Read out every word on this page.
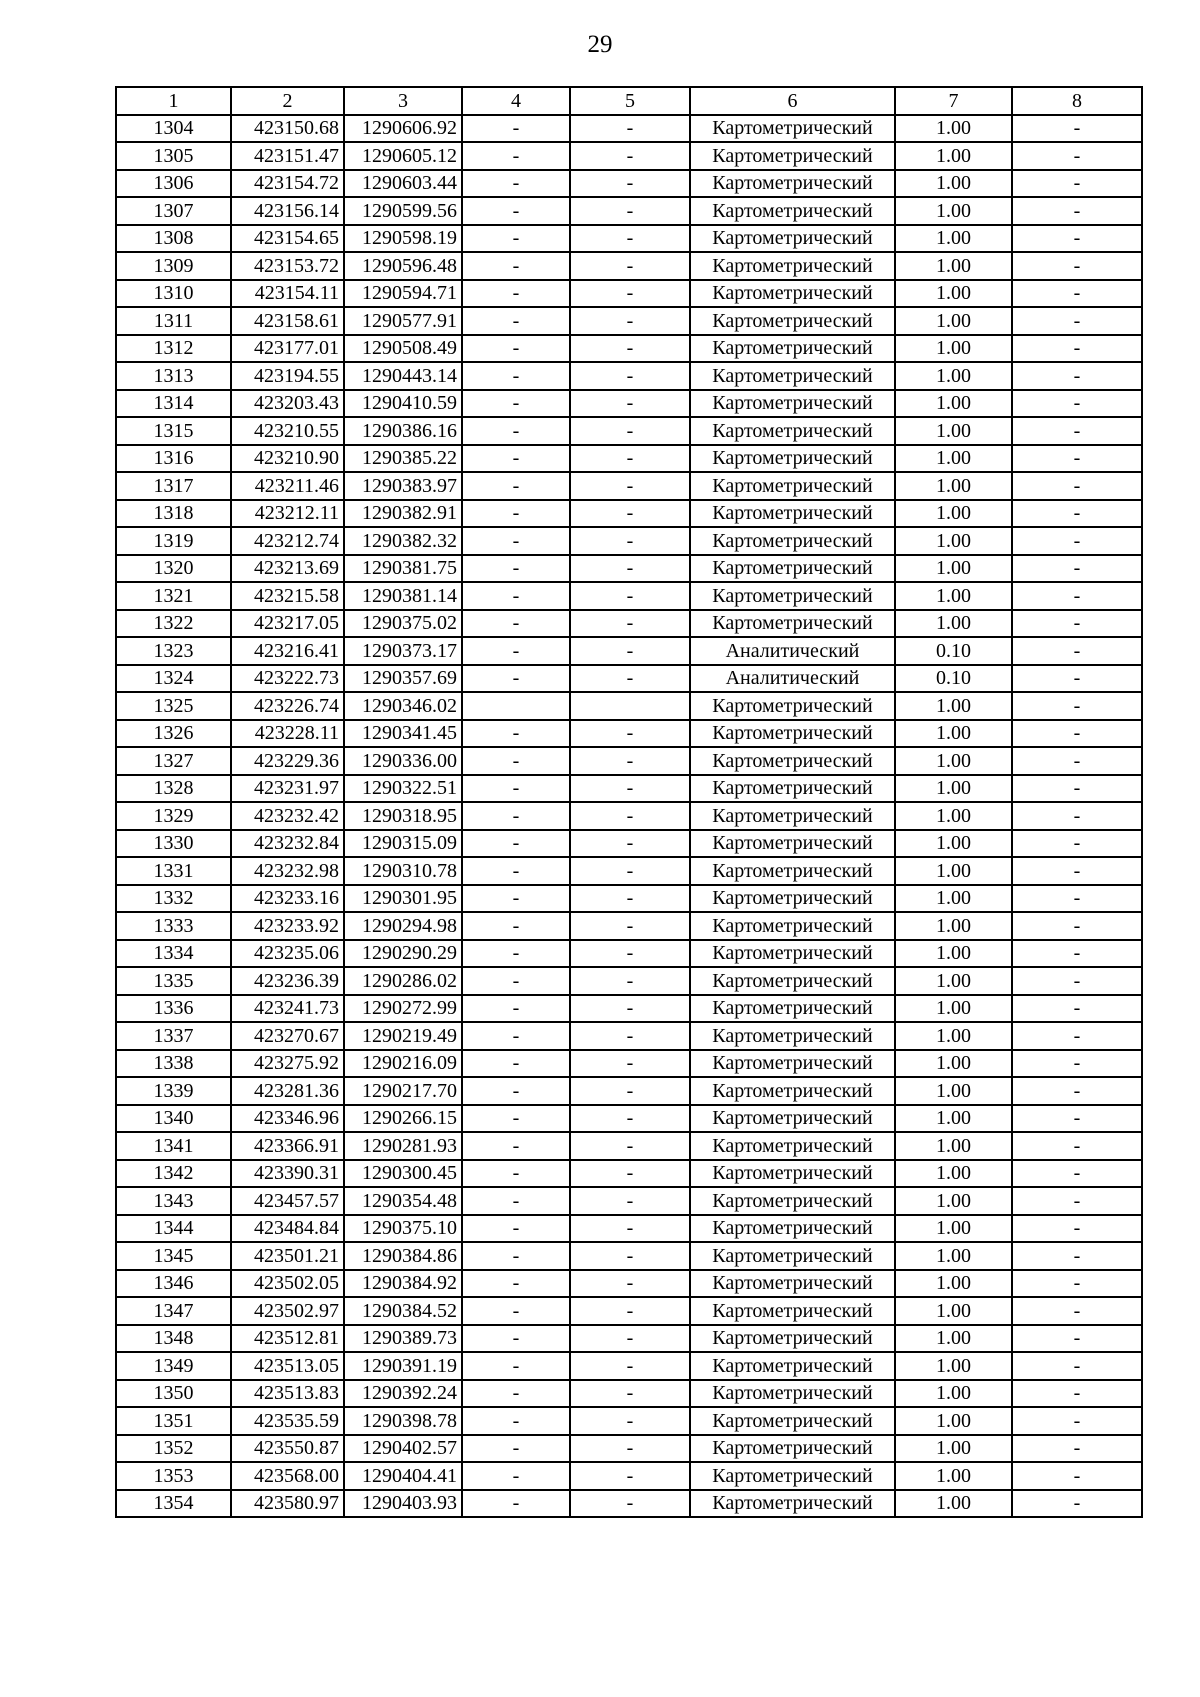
29
1	2	3	4	5	6	7	8
1304	423150.68	1290606.92	-	-	Картометрический	1.00	-
1305	423151.47	1290605.12	-	-	Картометрический	1.00	-
1306	423154.72	1290603.44	-	-	Картометрический	1.00	-
1307	423156.14	1290599.56	-	-	Картометрический	1.00	-
1308	423154.65	1290598.19	-	-	Картометрический	1.00	-
1309	423153.72	1290596.48	-	-	Картометрический	1.00	-
1310	423154.11	1290594.71	-	-	Картометрический	1.00	-
1311	423158.61	1290577.91	-	-	Картометрический	1.00	-
1312	423177.01	1290508.49	-	-	Картометрический	1.00	-
1313	423194.55	1290443.14	-	-	Картометрический	1.00	-
1314	423203.43	1290410.59	-	-	Картометрический	1.00	-
1315	423210.55	1290386.16	-	-	Картометрический	1.00	-
1316	423210.90	1290385.22	-	-	Картометрический	1.00	-
1317	423211.46	1290383.97	-	-	Картометрический	1.00	-
1318	423212.11	1290382.91	-	-	Картометрический	1.00	-
1319	423212.74	1290382.32	-	-	Картометрический	1.00	-
1320	423213.69	1290381.75	-	-	Картометрический	1.00	-
1321	423215.58	1290381.14	-	-	Картометрический	1.00	-
1322	423217.05	1290375.02	-	-	Картометрический	1.00	-
1323	423216.41	1290373.17	-	-	Аналитический	0.10	-
1324	423222.73	1290357.69	-	-	Аналитический	0.10	-
1325	423226.74	1290346.02			Картометрический	1.00	-
1326	423228.11	1290341.45	-	-	Картометрический	1.00	-
1327	423229.36	1290336.00	-	-	Картометрический	1.00	-
1328	423231.97	1290322.51	-	-	Картометрический	1.00	-
1329	423232.42	1290318.95	-	-	Картометрический	1.00	-
1330	423232.84	1290315.09	-	-	Картометрический	1.00	-
1331	423232.98	1290310.78	-	-	Картометрический	1.00	-
1332	423233.16	1290301.95	-	-	Картометрический	1.00	-
1333	423233.92	1290294.98	-	-	Картометрический	1.00	-
1334	423235.06	1290290.29	-	-	Картометрический	1.00	-
1335	423236.39	1290286.02	-	-	Картометрический	1.00	-
1336	423241.73	1290272.99	-	-	Картометрический	1.00	-
1337	423270.67	1290219.49	-	-	Картометрический	1.00	-
1338	423275.92	1290216.09	-	-	Картометрический	1.00	-
1339	423281.36	1290217.70	-	-	Картометрический	1.00	-
1340	423346.96	1290266.15	-	-	Картометрический	1.00	-
1341	423366.91	1290281.93	-	-	Картометрический	1.00	-
1342	423390.31	1290300.45	-	-	Картометрический	1.00	-
1343	423457.57	1290354.48	-	-	Картометрический	1.00	-
1344	423484.84	1290375.10	-	-	Картометрический	1.00	-
1345	423501.21	1290384.86	-	-	Картометрический	1.00	-
1346	423502.05	1290384.92	-	-	Картометрический	1.00	-
1347	423502.97	1290384.52	-	-	Картометрический	1.00	-
1348	423512.81	1290389.73	-	-	Картометрический	1.00	-
1349	423513.05	1290391.19	-	-	Картометрический	1.00	-
1350	423513.83	1290392.24	-	-	Картометрический	1.00	-
1351	423535.59	1290398.78	-	-	Картометрический	1.00	-
1352	423550.87	1290402.57	-	-	Картометрический	1.00	-
1353	423568.00	1290404.41	-	-	Картометрический	1.00	-
1354	423580.97	1290403.93	-	-	Картометрический	1.00	-
